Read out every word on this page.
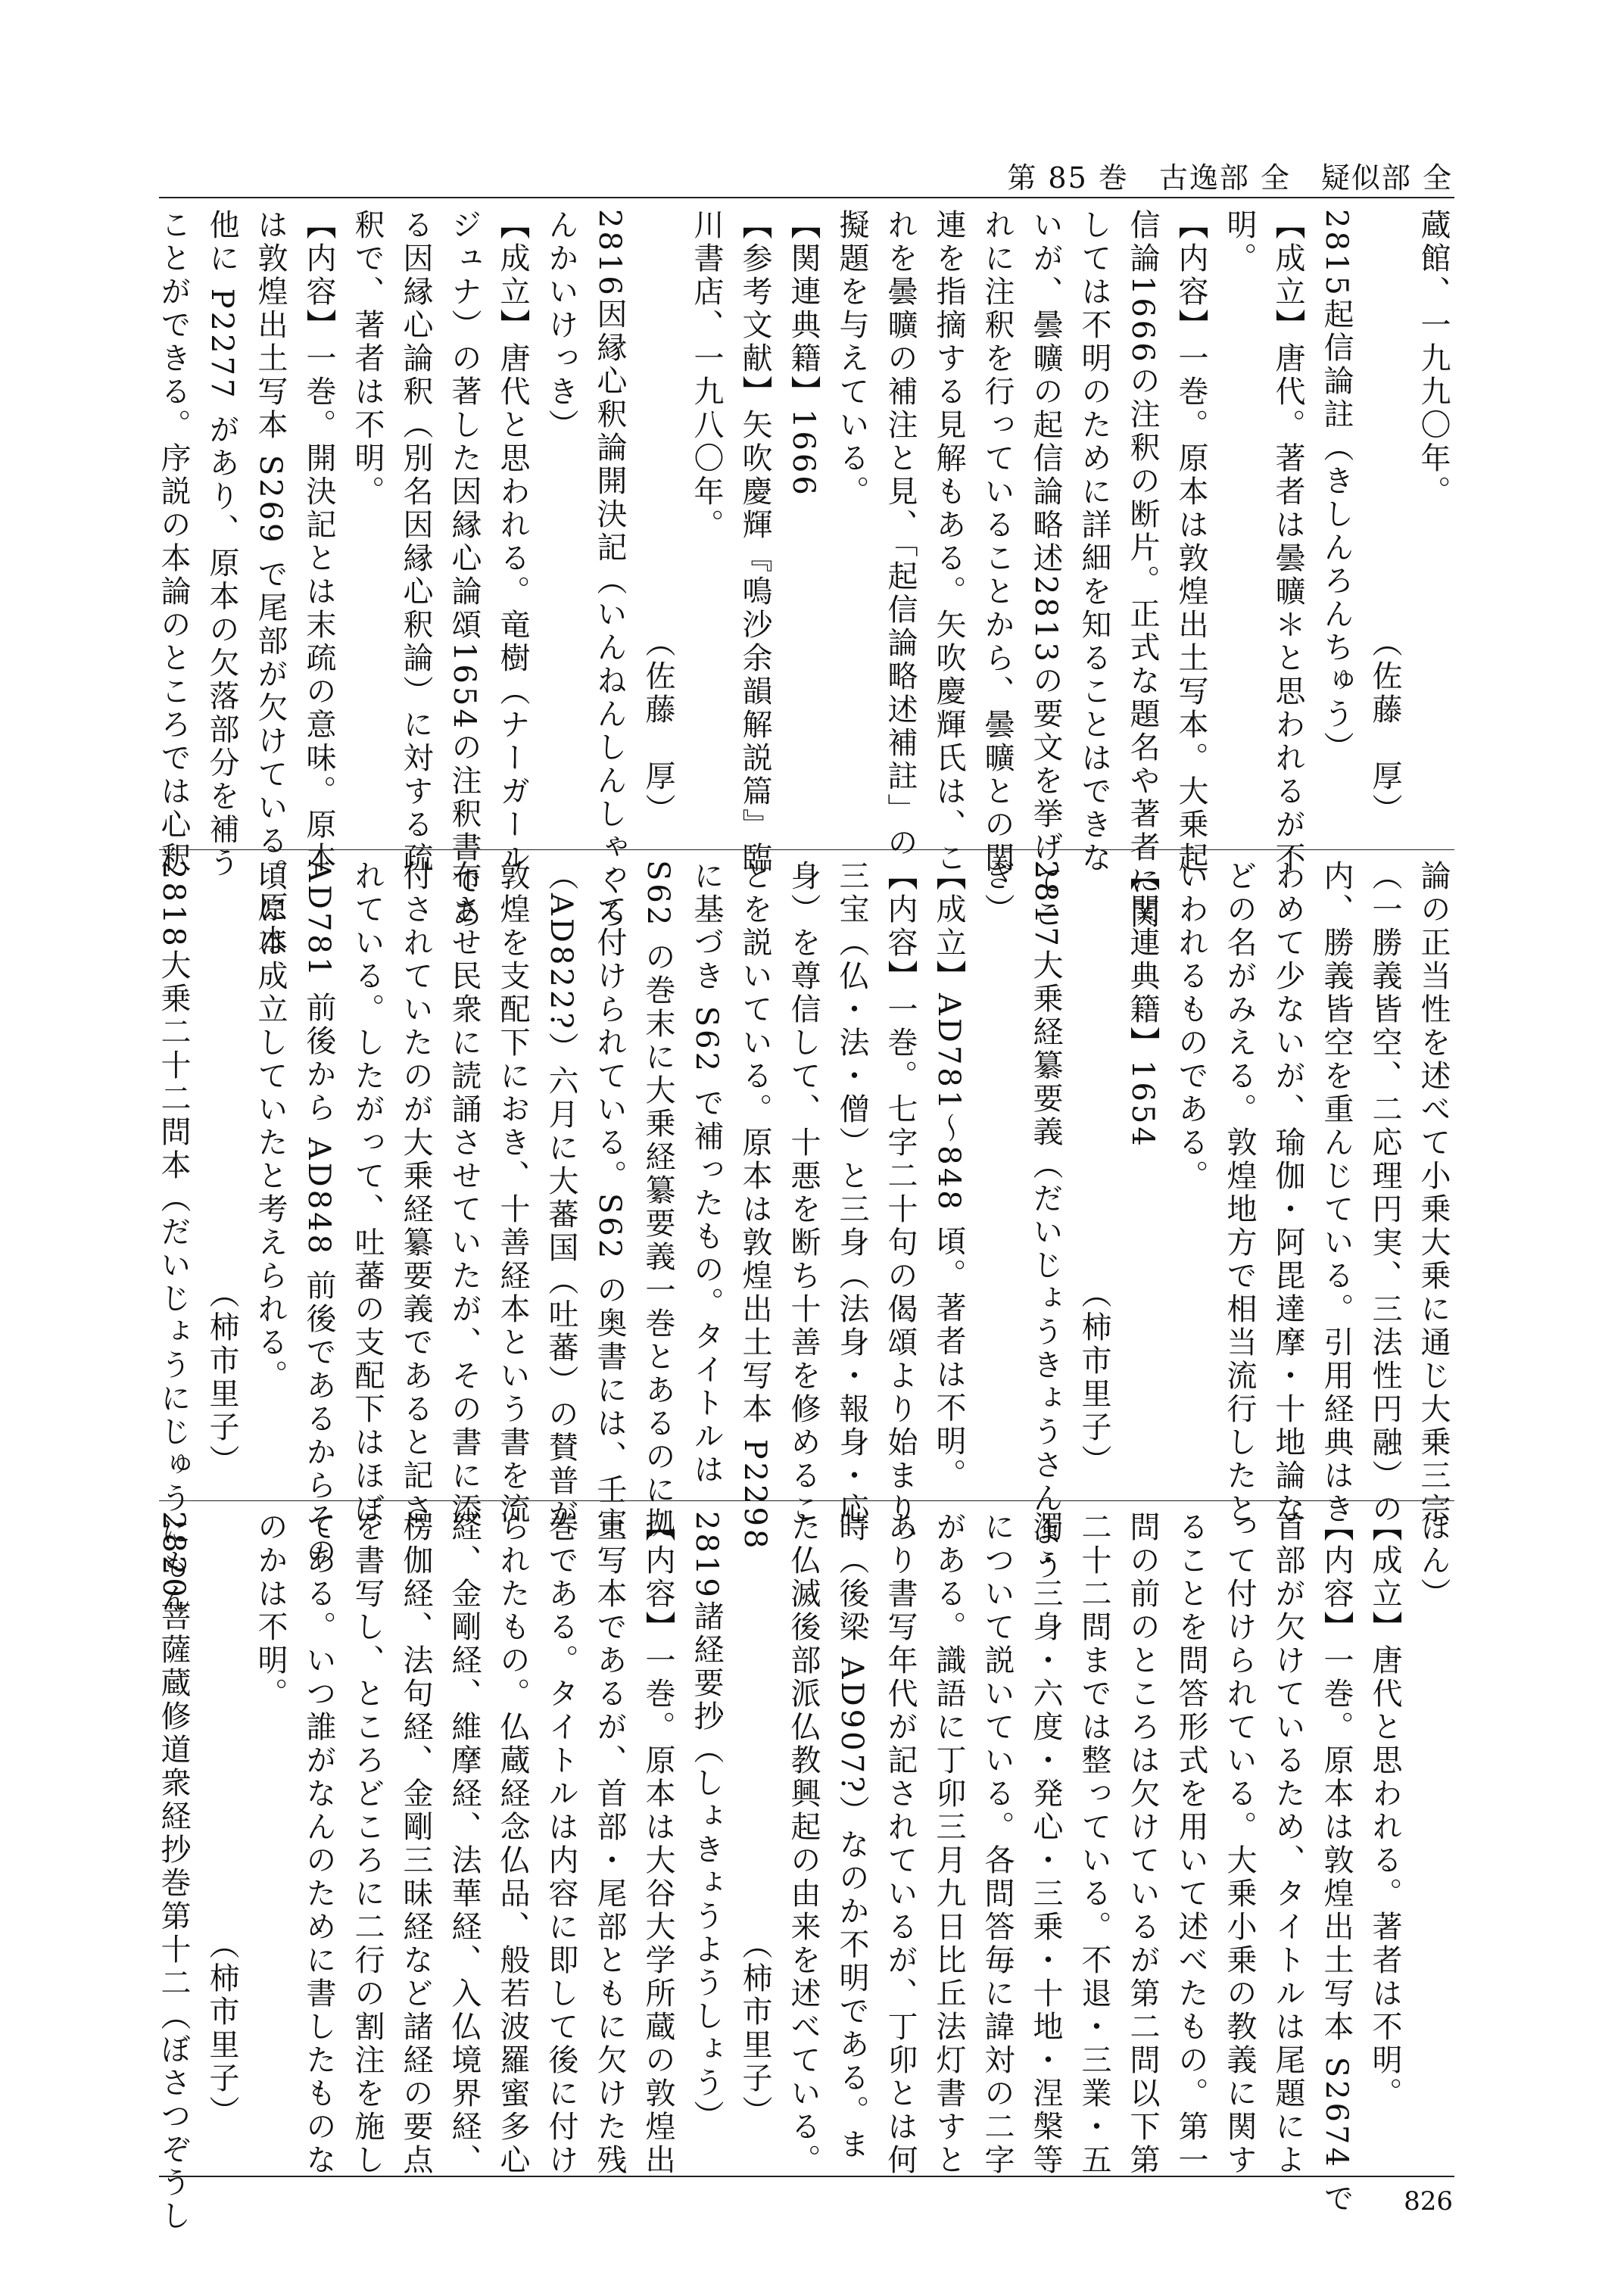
第 85 巻　古逸部 全　疑似部 全
蔵館、一九九〇年。
　　　　　　　　　　　　　（佐藤　厚）
2815起信論註（きしんろんちゅう）
【成立】唐代。著者は曇曠＊と思われるが不
明。
【内容】一巻。原本は敦煌出土写本。大乗起
信論1666の注釈の断片。正式な題名や著者に関
しては不明のために詳細を知ることはできな
いが、曇曠の起信論略述2813の要文を挙げてこ
れに注釈を行っていることから、曇曠との関
連を指摘する見解もある。矢吹慶輝氏は、こ
れを曇曠の補注と見、「起信論略述補註」の
擬題を与えている。
【関連典籍】1666
【参考文献】矢吹慶輝『鳴沙余韻解説篇』臨
川書店、一九八〇年。
　　　　　　　　　　　　　（佐藤　厚）
2816因縁心釈論開決記（いんねんしんしゃくろ
んかいけっき）
【成立】唐代と思われる。竜樹（ナーガール
ジュナ）の著した因縁心論頌1654の注釈書であ
る因縁心論釈（別名因縁心釈論）に対する疏
釈で、著者は不明。
【内容】一巻。開決記とは末疏の意味。原本
は敦煌出土写本 S269 で尾部が欠けている。原本
他に P2277 があり、原本の欠落部分を補う
ことができる。序説の本論のところでは心釈
論の正当性を述べて小乗大乗に通じ大乗三宗
（一勝義皆空、二応理円実、三法性円融）の
内、勝義皆空を重んじている。引用経典はき
わめて少ないが、瑜伽・阿毘達摩・十地論な
どの名がみえる。敦煌地方で相当流行したと
いわれるものである。
【関連典籍】1654
　　　　　　　　　　　　　（柿市里子）
2817大乗経纂要義（だいじょうきょうさんよう
ぎ）
【成立】AD781～848 頃。著者は不明。
【内容】一巻。七字二十句の偈頌より始まり、
三宝（仏・法・僧）と三身（法身・報身・応
身）を尊信して、十悪を断ち十善を修めるこ
とを説いている。原本は敦煌出土写本 P2298
に基づき S62 で補ったもの。タイトルは
S62 の巻末に大乗経纂要義一巻とあるのに拠
って付けられている。S62 の奥書には、壬寅
（AD822?）六月に大蕃国（吐蕃）の賛普が
敦煌を支配下におき、十善経本という書を流
布させ民衆に読誦させていたが、その書に添
付されていたのが大乗経纂要義であると記さ
れている。したがって、吐蕃の支配下はほぼ
AD781 前後から AD848 前後であるからその
頃には成立していたと考えられる。
　　　　　　　　　　　　　（柿市里子）
2818大乗二十二問本（だいじょうにじゅうにもん	ほん）
【成立】唐代と思われる。著者は不明。
【内容】一巻。原本は敦煌出土写本 S2674 で
首部が欠けているため、タイトルは尾題によ
って付けられている。大乗小乗の教義に関す
ることを問答形式を用いて述べたもの。第一
問の前のところは欠けているが第二問以下第
二十二問までは整っている。不退・三業・五
濁・三身・六度・発心・三乗・十地・涅槃等
について説いている。各問答毎に諱対の二字
がある。識語に丁卯三月九日比丘法灯書すと
あり書写年代が記されているが、丁卯とは何
時（後梁 AD907?）なのか不明である。ま
た仏滅後部派仏教興起の由来を述べている。
　　　　　　　　　　　　　（柿市里子）
2819諸経要抄（しょきょうようしょう）
【内容】一巻。原本は大谷大学所蔵の敦煌出
土写本であるが、首部・尾部ともに欠けた残
巻である。タイトルは内容に即して後に付け
られたもの。仏蔵経念仏品、般若波羅蜜多心
経、金剛経、維摩経、法華経、入仏境界経、
楞伽経、法句経、金剛三昧経など諸経の要点
を書写し、ところどころに二行の割注を施し
てある。いつ誰がなんのために書したものな
のかは不明。
　　　　　　　　　　　　　（柿市里子）
2820菩薩蔵修道衆経抄巻第十二（ぼさつぞうし	826
